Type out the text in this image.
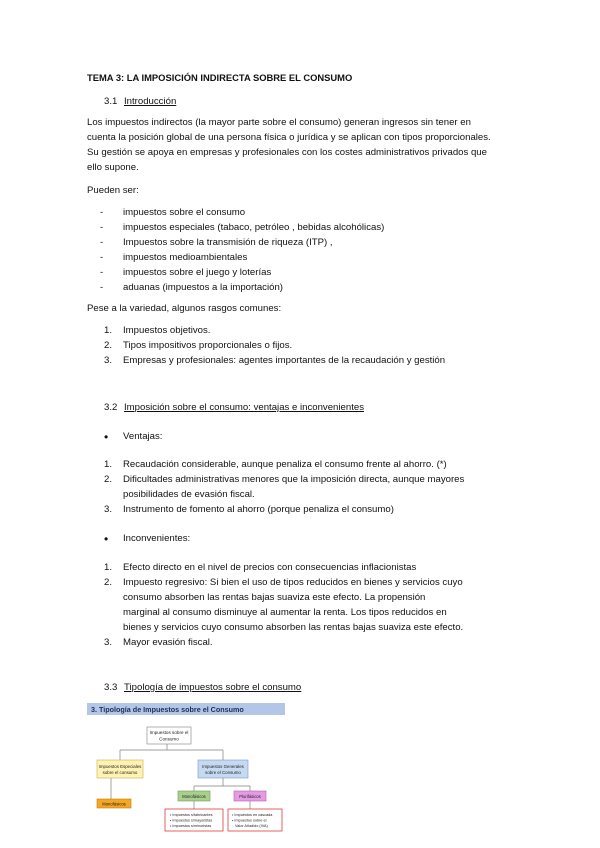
TEMA 3: LA IMPOSICIÓN INDIRECTA SOBRE EL CONSUMO
3.1 Introducción
Los impuestos indirectos (la mayor parte sobre el consumo) generan ingresos sin tener en
cuenta la posición global de una persona física o jurídica y se aplican con tipos proporcionales.
Su gestión se apoya en empresas y profesionales con los costes administrativos privados que
ello supone.
Pueden ser:
- impuestos sobre el consumo
- impuestos especiales (tabaco, petróleo , bebidas alcohólicas)
- Impuestos sobre la transmisión de riqueza (ITP) ,
- impuestos medioambientales
- impuestos sobre el juego y loterías
- aduanas (impuestos a la importación)
Pese a la variedad, algunos rasgos comunes:
1. Impuestos objetivos.
2. Tipos impositivos proporcionales o fijos.
3. Empresas y profesionales: agentes importantes de la recaudación y gestión
3.2 Imposición sobre el consumo: ventajas e inconvenientes
• Ventajas:
1. Recaudación considerable, aunque penaliza el consumo frente al ahorro. (*)
2. Dificultades administrativas menores que la imposición directa, aunque mayores
posibilidades de evasión fiscal.
3. Instrumento de fomento al ahorro (porque penaliza el consumo)
• Inconvenientes:
1. Efecto directo en el nivel de precios con consecuencias inflacionistas
2. Impuesto regresivo: Si bien el uso de tipos reducidos en bienes y servicios cuyo
consumo absorben las rentas bajas suaviza este efecto. La propensión
marginal al consumo disminuye al aumentar la renta. Los tipos reducidos en
bienes y servicios cuyo consumo absorben las rentas bajas suaviza este efecto.
3. Mayor evasión fiscal.
3.3 Tipología de impuestos sobre el consumo
3. Tipología de Impuestos sobre el Consumo
Impuestos sobre el
Consumo
Impuestos Especiales
sobre el consumo
Impuestos Generales
sobre el Consumo
Monofásicos
Monofásicos	Plurifásicos
• Impuestos s/fabricantes
• Impuestos s/mayoristas
• Impuestos s/minoristas
• Impuestos en cascada
• Impuestos sobre el
Valor Añadido (IVA)
